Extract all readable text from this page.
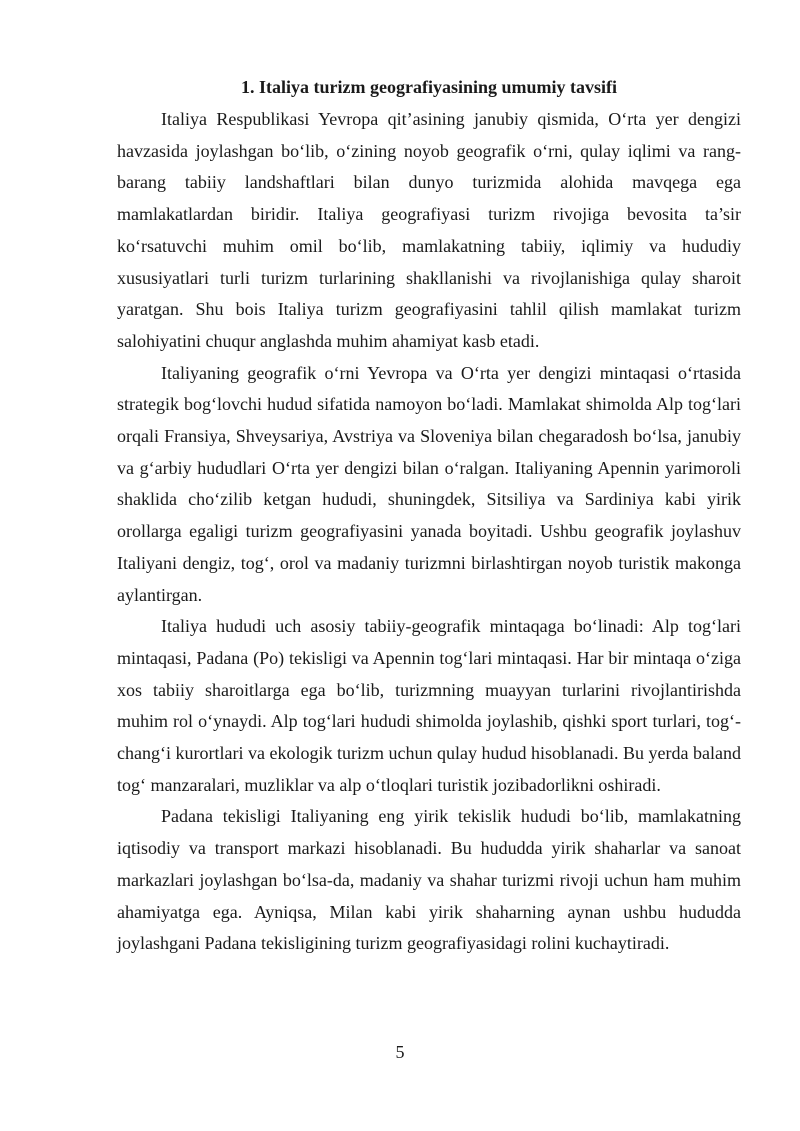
1. Italiya turizm geografiyasining umumiy tavsifi

Italiya Respublikasi Yevropa qit’asining janubiy qismida, O‘rta yer dengizi havzasida joylashgan bo‘lib, o‘zining noyob geografik o‘rni, qulay iqlimi va rang-barang tabiiy landshaftlari bilan dunyo turizmida alohida mavqega ega mamlakatlardan biridir. Italiya geografiyasi turizm rivojiga bevosita ta’sir ko‘rsatuvchi muhim omil bo‘lib, mamlakatning tabiiy, iqlimiy va hududiy xususiyatlari turli turizm turlarining shakllanishi va rivojlanishiga qulay sharoit yaratgan. Shu bois Italiya turizm geografiyasini tahlil qilish mamlakat turizm salohiyatini chuqur anglashda muhim ahamiyat kasb etadi.

Italiyaning geografik o‘rni Yevropa va O‘rta yer dengizi mintaqasi o‘rtasida strategik bog‘lovchi hudud sifatida namoyon bo‘ladi. Mamlakat shimolda Alp tog‘lari orqali Fransiya, Shveysariya, Avstriya va Sloveniya bilan chegaradosh bo‘lsa, janubiy va g‘arbiy hududlari O‘rta yer dengizi bilan o‘ralgan. Italiyaning Apennin yarimoroli shaklida cho‘zilib ketgan hududi, shuningdek, Sitsiliya va Sardiniya kabi yirik orollarga egaligi turizm geografiyasini yanada boyitadi. Ushbu geografik joylashuv Italiyani dengiz, tog‘, orol va madaniy turizmni birlashtirgan noyob turistik makonga aylantirgan.

Italiya hududi uch asosiy tabiiy-geografik mintaqaga bo‘linadi: Alp tog‘lari mintaqasi, Padana (Po) tekisligi va Apennin tog‘lari mintaqasi. Har bir mintaqa o‘ziga xos tabiiy sharoitlarga ega bo‘lib, turizmning muayyan turlarini rivojlantirishda muhim rol o‘ynaydi. Alp tog‘lari hududi shimolda joylashib, qishki sport turlari, tog‘-chang‘i kurortlari va ekologik turizm uchun qulay hudud hisoblanadi. Bu yerda baland tog‘ manzaralari, muzliklar va alp o‘tloqlari turistik jozibadorlikni oshiradi.

Padana tekisligi Italiyaning eng yirik tekislik hududi bo‘lib, mamlakatning iqtisodiy va transport markazi hisoblanadi. Bu hududda yirik shaharlar va sanoat markazlari joylashgan bo‘lsa-da, madaniy va shahar turizmi rivoji uchun ham muhim ahamiyatga ega. Ayniqsa, Milan kabi yirik shaharning aynan ushbu hududda joylashgani Padana tekisligining turizm geografiyasidagi rolini kuchaytiradi.

5
